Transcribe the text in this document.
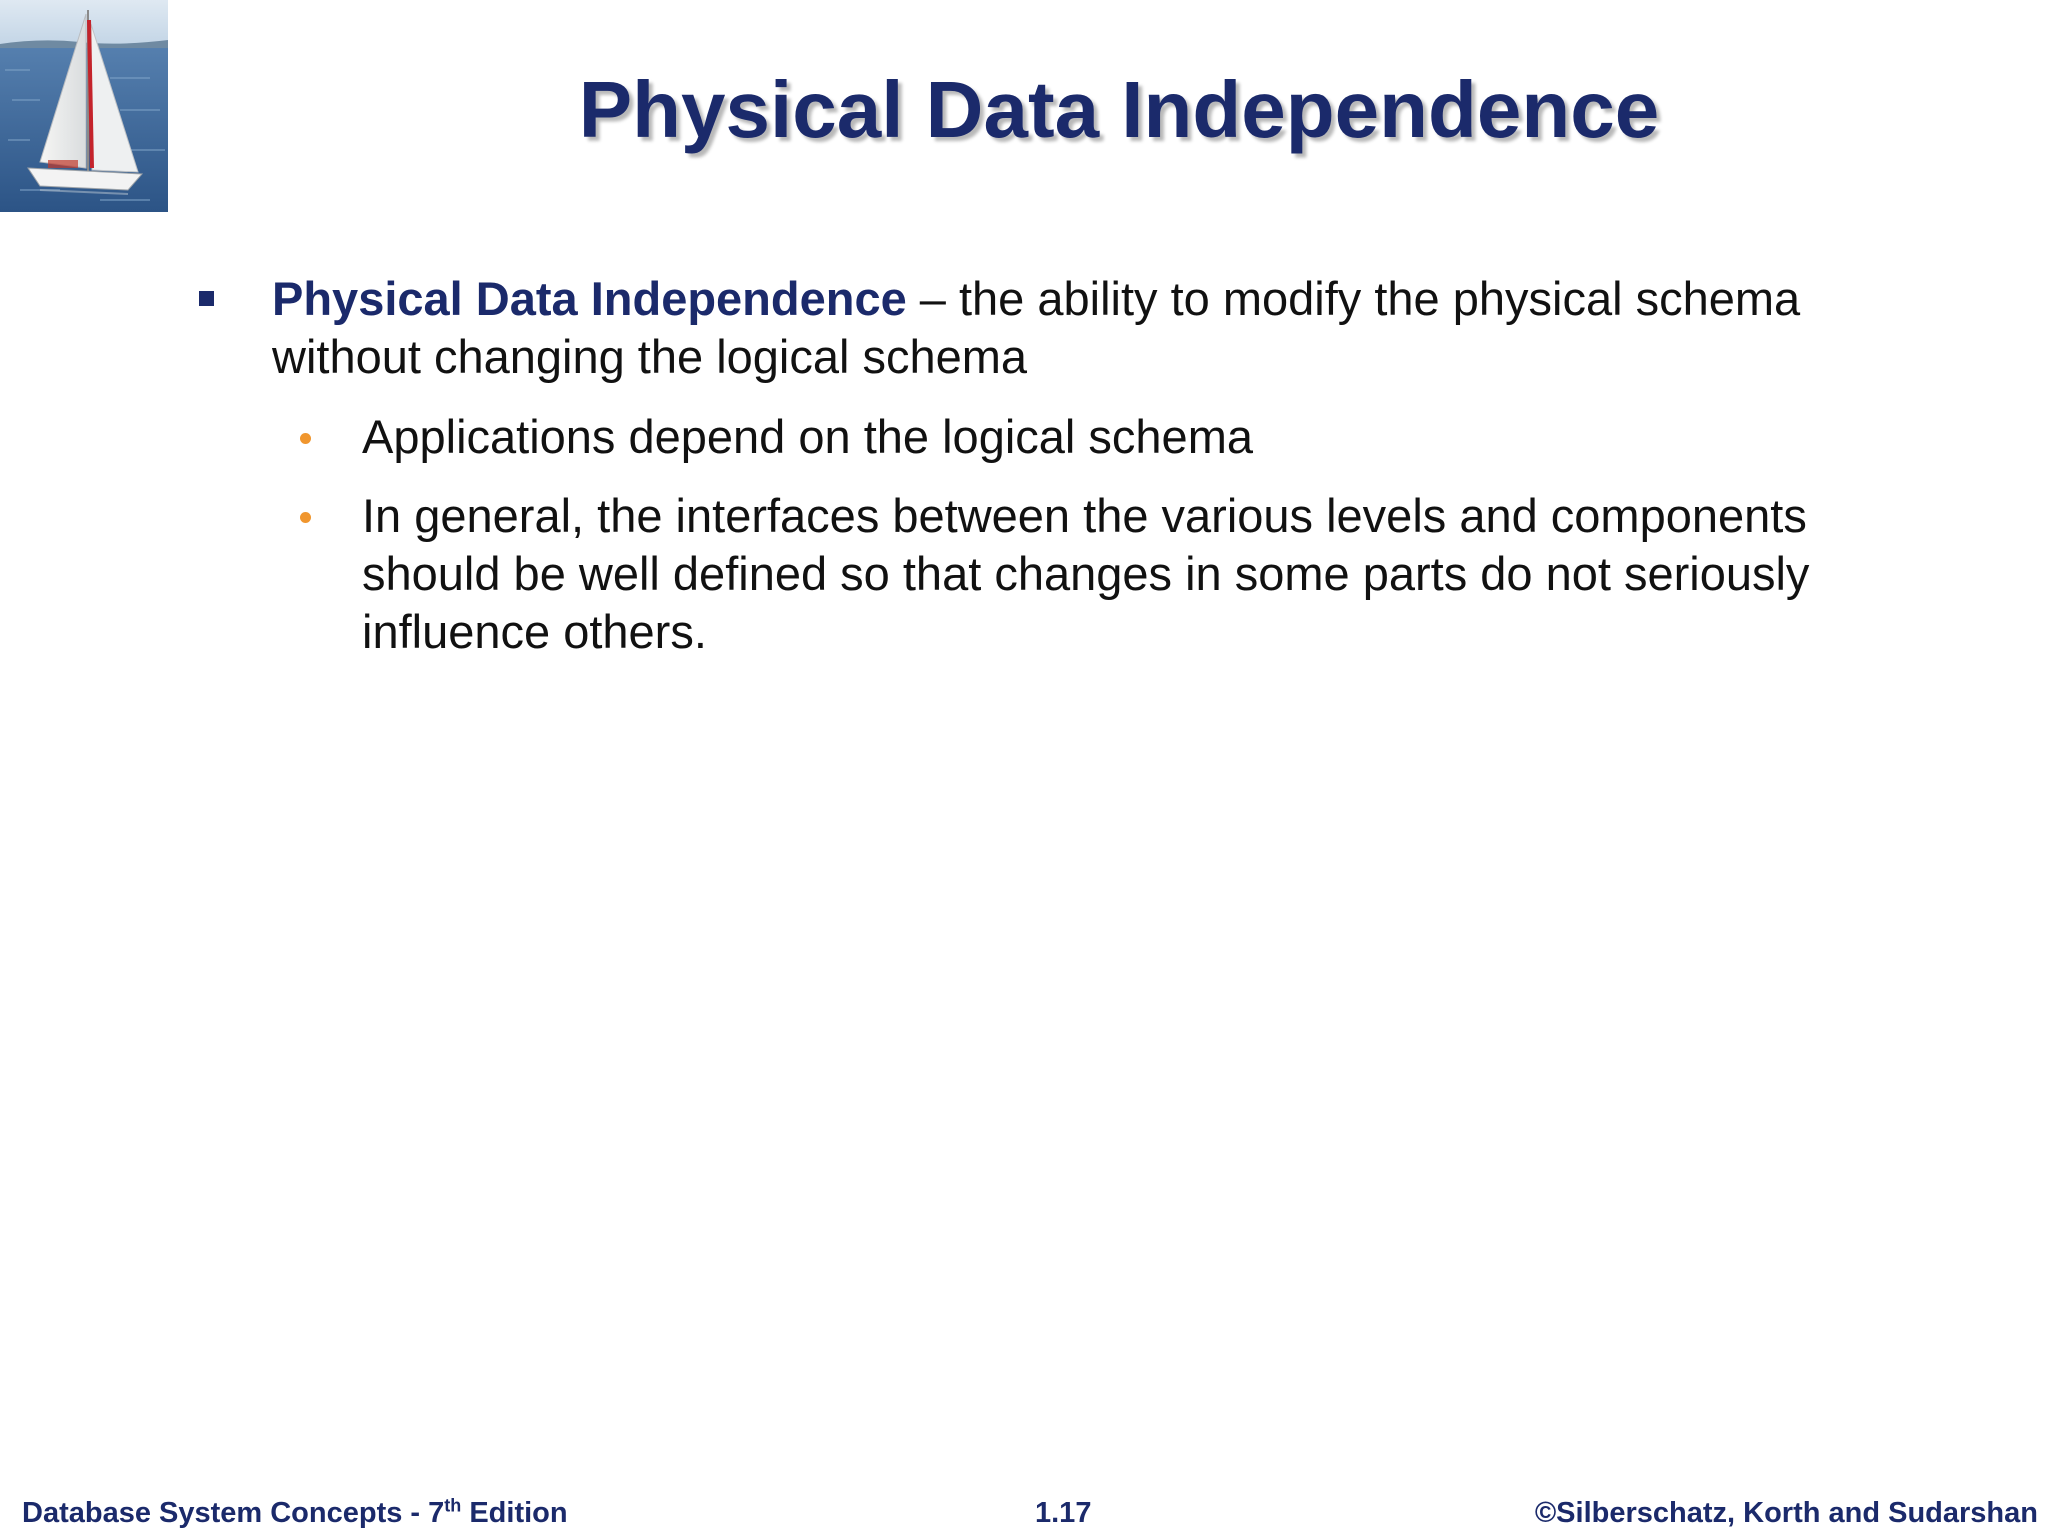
Physical Data Independence
Physical Data Independence – the ability to modify the physical schema without changing the logical schema
Applications depend on the logical schema
In general, the interfaces between the various levels and components should be well defined so that changes in some parts do not seriously influence others.
Database System Concepts - 7th Edition	1.17	©Silberschatz, Korth and Sudarshan
